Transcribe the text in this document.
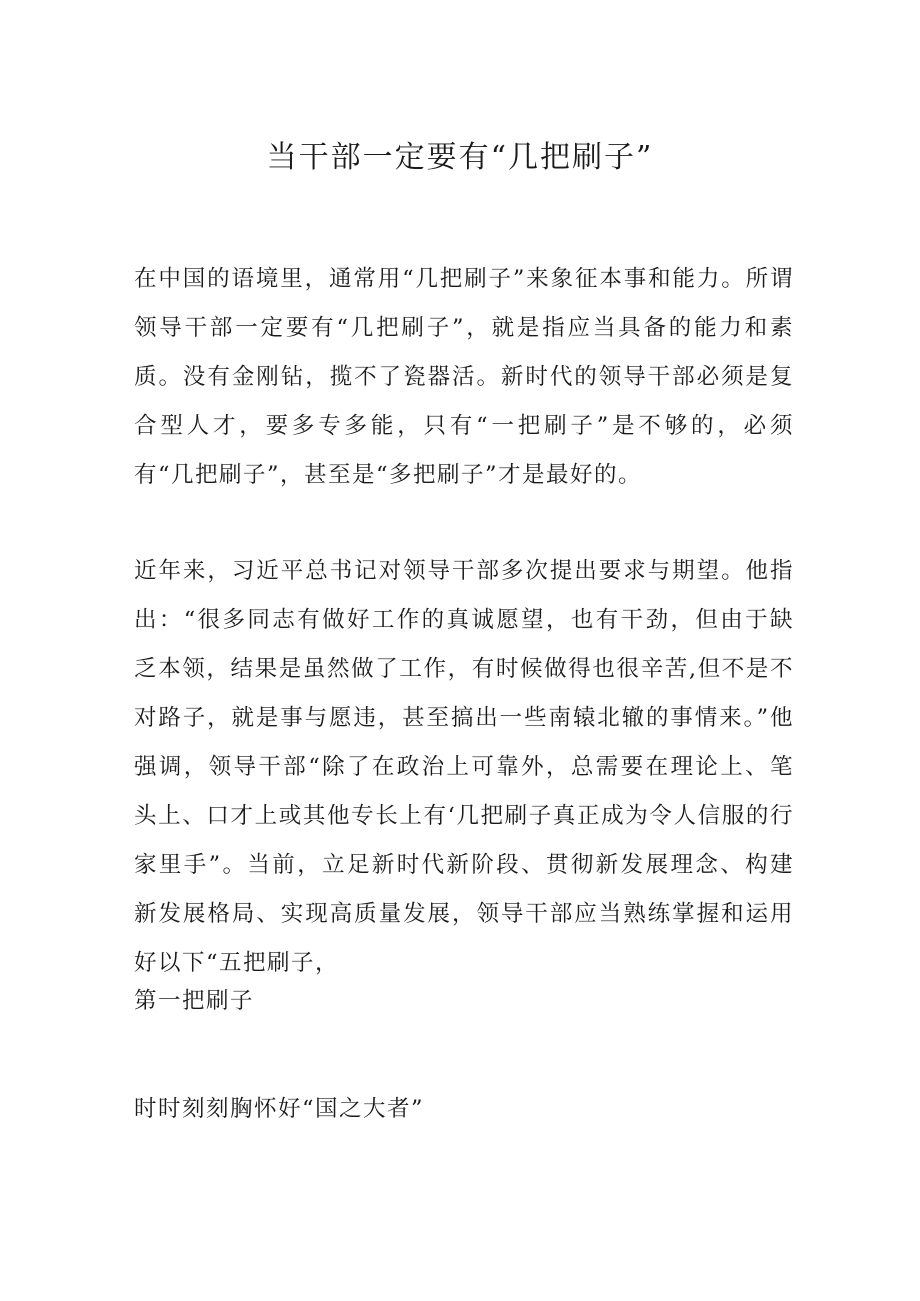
当干部一定要有“几把刷子”

在中国的语境里，通常用“几把刷子”来象征本事和能力。所谓领导干部一定要有“几把刷子”，就是指应当具备的能力和素质。没有金刚钻，揽不了瓷器活。新时代的领导干部必须是复合型人才，要多专多能，只有“一把刷子”是不够的，必须有“几把刷子”，甚至是“多把刷子”才是最好的。

近年来，习近平总书记对领导干部多次提出要求与期望。他指出：“很多同志有做好工作的真诚愿望，也有干劲，但由于缺乏本领，结果是虽然做了工作，有时候做得也很辛苦,但不是不对路子，就是事与愿违，甚至搞出一些南辕北辙的事情来。”他强调，领导干部“除了在政治上可靠外，总需要在理论上、笔头上、口才上或其他专长上有‘几把刷子真正成为令人信服的行家里手”。当前，立足新时代新阶段、贯彻新发展理念、构建新发展格局、实现高质量发展，领导干部应当熟练掌握和运用好以下“五把刷子，

第一把刷子
时时刻刻胸怀好“国之大者”
